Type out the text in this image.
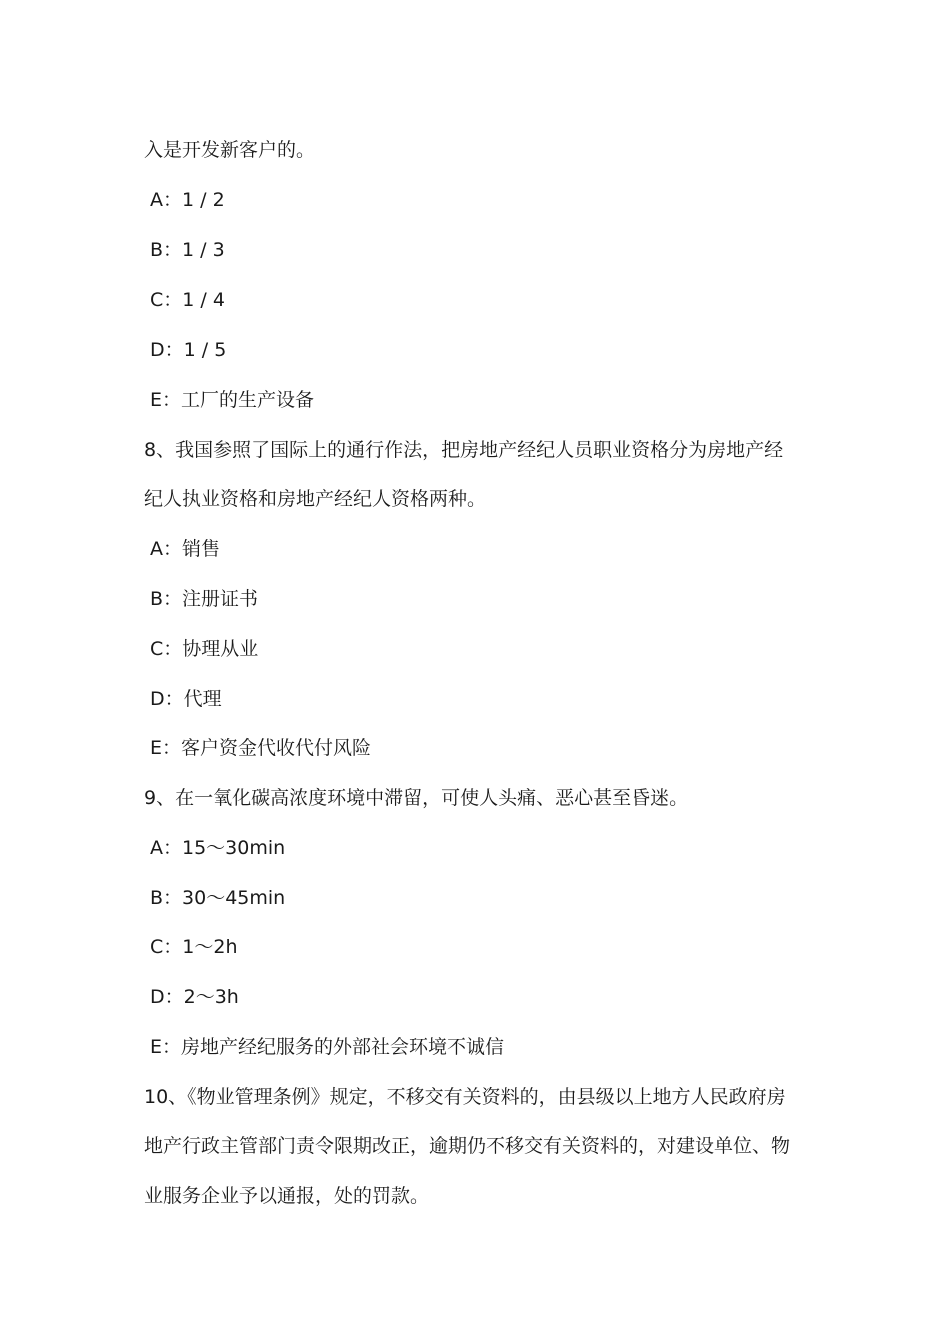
入是开发新客户的。
A：1 / 2
B：1 / 3
C：1 / 4
D：1 / 5
E：工厂的生产设备
8、我国参照了国际上的通行作法，把房地产经纪人员职业资格分为房地产经
纪人执业资格和房地产经纪人资格两种。
A：销售
B：注册证书
C：协理从业
D：代理
E：客户资金代收代付风险
9、在一氧化碳高浓度环境中滞留，可使人头痛、恶心甚至昏迷。
A：15～30min
B：30～45min
C：1～2h
D：2～3h
E：房地产经纪服务的外部社会环境不诚信
10、《物业管理条例》规定，不移交有关资料的，由县级以上地方人民政府房
地产行政主管部门责令限期改正，逾期仍不移交有关资料的，对建设单位、物
业服务企业予以通报，处的罚款。
